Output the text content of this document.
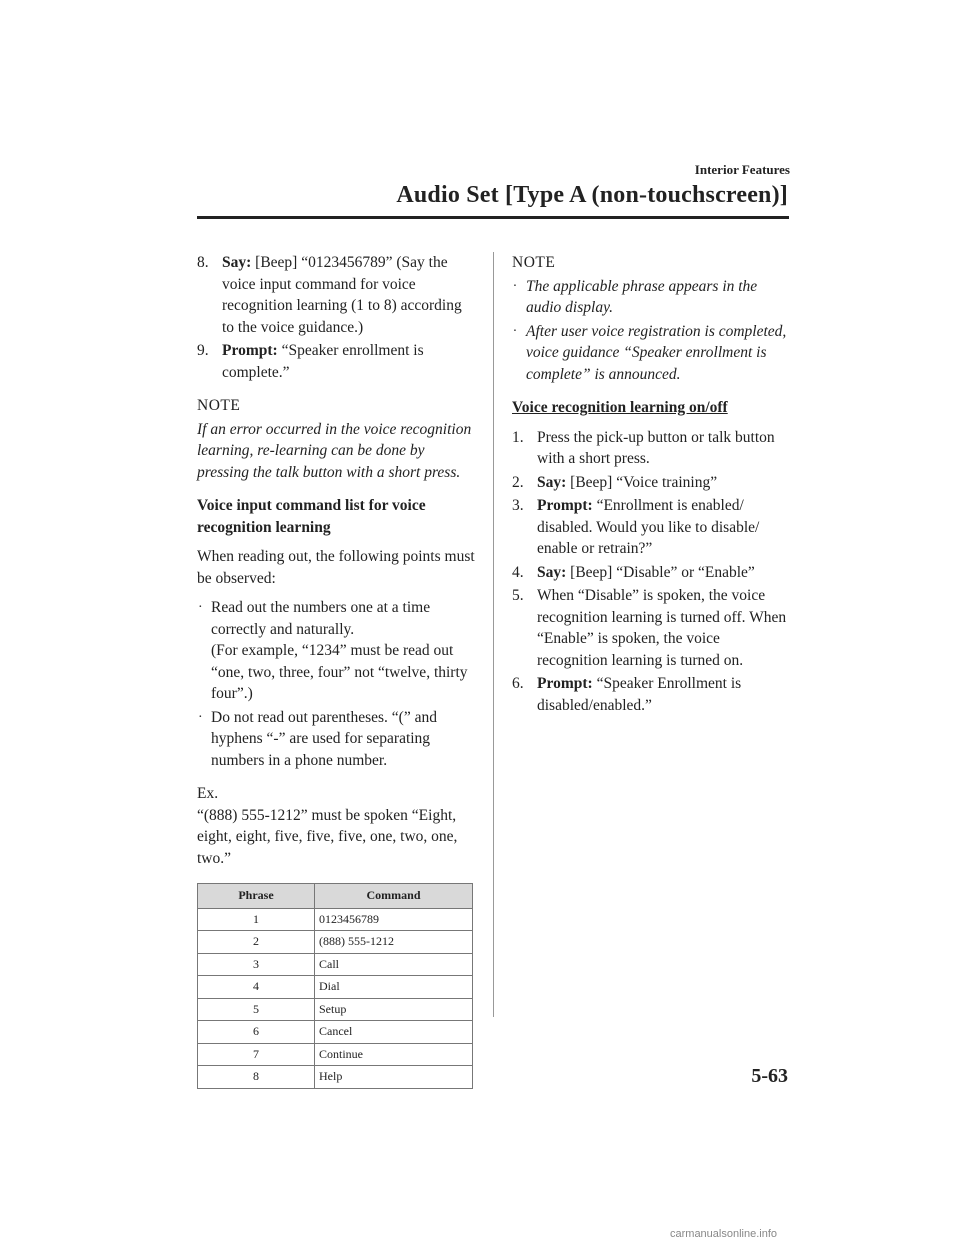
Interior Features
Audio Set [Type A (non-touchscreen)]
8. Say: [Beep] “0123456789” (Say the voice input command for voice recognition learning (1 to 8) according to the voice guidance.)
9. Prompt: “Speaker enrollment is complete.”
NOTE
If an error occurred in the voice recognition learning, re-learning can be done by pressing the talk button with a short press.
Voice input command list for voice recognition learning
When reading out, the following points must be observed:
· Read out the numbers one at a time correctly and naturally.
(For example, “1234” must be read out “one, two, three, four” not “twelve, thirty four”.)
· Do not read out parentheses. “(” and hyphens “-” are used for separating numbers in a phone number.
Ex.
“(888) 555-1212” must be spoken “Eight, eight, eight, five, five, five, one, two, one, two.”
Phrase	Command
1	0123456789
2	(888) 555-1212
3	Call
4	Dial
5	Setup
6	Cancel
7	Continue
8	Help
NOTE
· The applicable phrase appears in the audio display.
· After user voice registration is completed, voice guidance “Speaker enrollment is complete” is announced.
Voice recognition learning on/off
1. Press the pick-up button or talk button with a short press.
2. Say: [Beep] “Voice training”
3. Prompt: “Enrollment is enabled/ disabled. Would you like to disable/ enable or retrain?”
4. Say: [Beep] “Disable” or “Enable”
5. When “Disable” is spoken, the voice recognition learning is turned off. When “Enable” is spoken, the voice recognition learning is turned on.
6. Prompt: “Speaker Enrollment is disabled/enabled.”
5-63
carmanualsonline.info
